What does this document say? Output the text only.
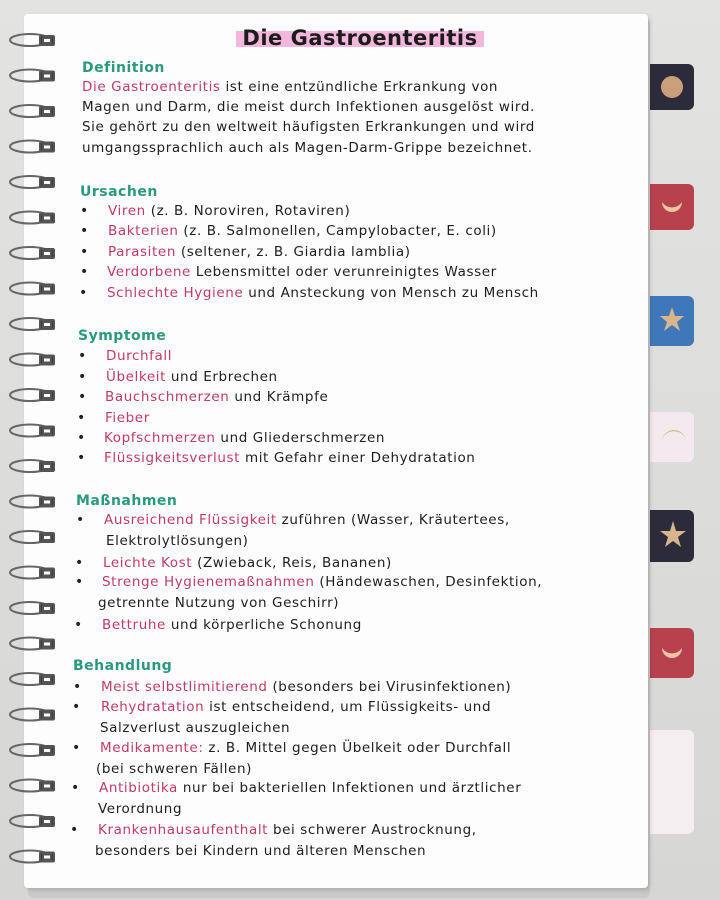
Die Gastroenteritis
Definition
Die Gastroenteritis ist eine entzündliche Erkrankung von
Magen und Darm, die meist durch Infektionen ausgelöst wird.
Sie gehört zu den weltweit häufigsten Erkrankungen und wird
umgangssprachlich auch als Magen-Darm-Grippe bezeichnet.
Ursachen
• Viren (z. B. Noroviren, Rotaviren)
• Bakterien (z. B. Salmonellen, Campylobacter, E. coli)
• Parasiten (seltener, z. B. Giardia lamblia)
• Verdorbene Lebensmittel oder verunreinigtes Wasser
• Schlechte Hygiene und Ansteckung von Mensch zu Mensch
Symptome
• Durchfall
• Übelkeit und Erbrechen
• Bauchschmerzen und Krämpfe
• Fieber
• Kopfschmerzen und Gliederschmerzen
• Flüssigkeitsverlust mit Gefahr einer Dehydratation
Maßnahmen
• Ausreichend Flüssigkeit zuführen (Wasser, Kräutertees,
Elektrolytlösungen)
• Leichte Kost (Zwieback, Reis, Bananen)
• Strenge Hygienemaßnahmen (Händewaschen, Desinfektion,
getrennte Nutzung von Geschirr)
• Bettruhe und körperliche Schonung
Behandlung
• Meist selbstlimitierend (besonders bei Virusinfektionen)
• Rehydratation ist entscheidend, um Flüssigkeits- und
Salzverlust auszugleichen
• Medikamente: z. B. Mittel gegen Übelkeit oder Durchfall
(bei schweren Fällen)
• Antibiotika nur bei bakteriellen Infektionen und ärztlicher
Verordnung
• Krankenhausaufenthalt bei schwerer Austrocknung,
besonders bei Kindern und älteren Menschen
